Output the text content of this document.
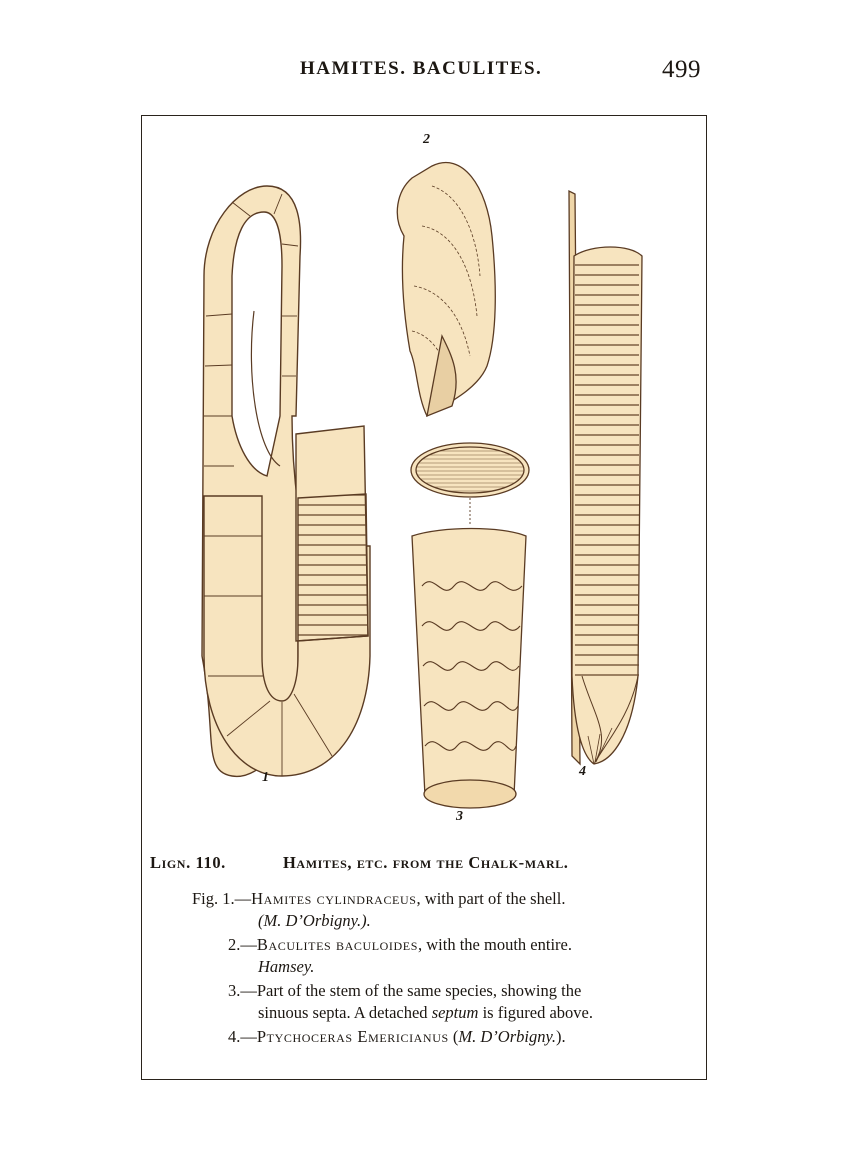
HAMITES. BACULITES.	499
1
2
3
4
Lign. 110.	Hamites, etc. from the Chalk-marl.
Fig. 1.—Hamites cylindraceus, with part of the shell.
(M. D’Orbigny.).
2.—Baculites baculoides, with the mouth entire.
Hamsey.
3.—Part of the stem of the same species, showing the
sinuous septa. A detached septum is figured above.
4.—Ptychoceras Emericianus (M. D’Orbigny.).
